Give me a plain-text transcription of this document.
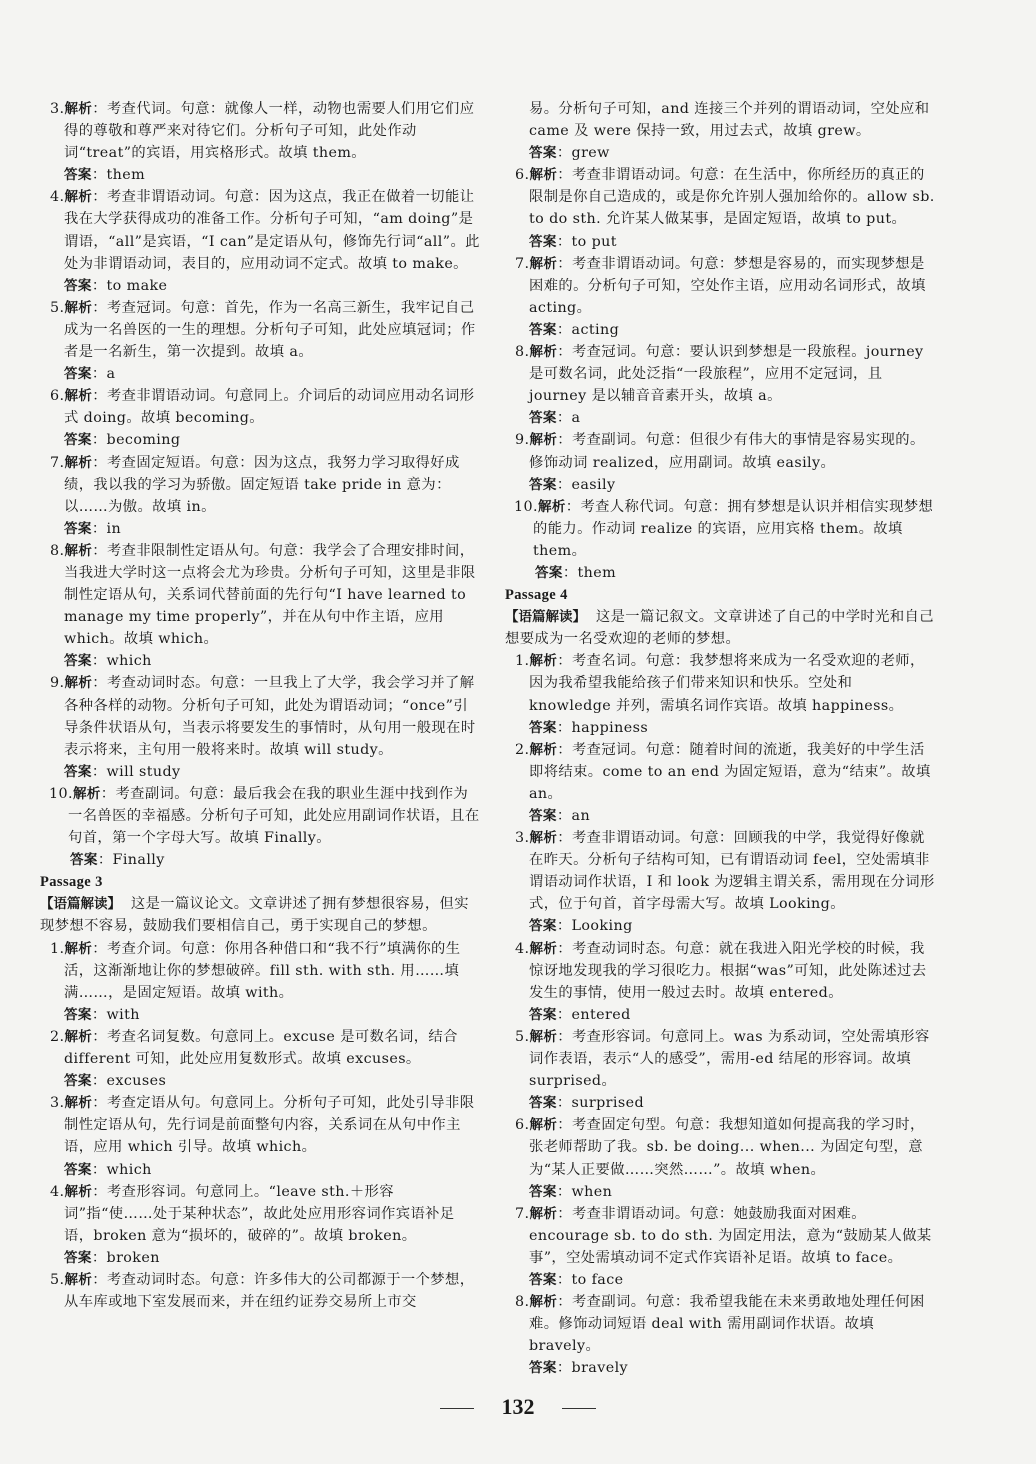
3.解析：考查代词。句意：就像人一样，动物也需要人们用它们应得的尊敬和尊严来对待它们。分析句子可知，此处作动词“treat”的宾语，用宾格形式。故填 them。

答案：them

4.解析：考查非谓语动词。句意：因为这点，我正在做着一切能让我在大学获得成功的准备工作。分析句子可知，“am doing”是谓语，“all”是宾语，“I can”是定语从句，修饰先行词“all”。此处为非谓语动词，表目的，应用动词不定式。故填 to make。

答案：to make

5.解析：考查冠词。句意：首先，作为一名高三新生，我牢记自己成为一名兽医的一生的理想。分析句子可知，此处应填冠词；作者是一名新生，第一次提到。故填 a。

答案：a

6.解析：考查非谓语动词。句意同上。介词后的动词应用动名词形式 doing。故填 becoming。

答案：becoming

7.解析：考查固定短语。句意：因为这点，我努力学习取得好成绩，我以我的学习为骄傲。固定短语 take pride in 意为：以……为傲。故填 in。

答案：in

8.解析：考查非限制性定语从句。句意：我学会了合理安排时间，当我进大学时这一点将会尤为珍贵。分析句子可知，这里是非限制性定语从句，关系词代替前面的先行句“I have learned to manage my time properly”，并在从句中作主语，应用 which。故填 which。

答案：which

9.解析：考查动词时态。句意：一旦我上了大学，我会学习并了解各种各样的动物。分析句子可知，此处为谓语动词；“once”引导条件状语从句，当表示将要发生的事情时，从句用一般现在时表示将来，主句用一般将来时。故填 will study。

答案：will study

10.解析：考查副词。句意：最后我会在我的职业生涯中找到作为一名兽医的幸福感。分析句子可知，此处应用副词作状语，且在句首，第一个字母大写。故填 Finally。

答案：Finally

Passage 3

【语篇解读】 这是一篇议论文。文章讲述了拥有梦想很容易，但实现梦想不容易，鼓励我们要相信自己，勇于实现自己的梦想。

1.解析：考查介词。句意：你用各种借口和“我不行”填满你的生活，这渐渐地让你的梦想破碎。fill sth. with sth. 用……填满……，是固定短语。故填 with。

答案：with

2.解析：考查名词复数。句意同上。excuse 是可数名词，结合 different 可知，此处应用复数形式。故填 excuses。

答案：excuses

3.解析：考查定语从句。句意同上。分析句子可知，此处引导非限制性定语从句，先行词是前面整句内容，关系词在从句中作主语，应用 which 引导。故填 which。

答案：which

4.解析：考查形容词。句意同上。“leave sth.＋形容词”指“使……处于某种状态”，故此处应用形容词作宾语补足语，broken 意为“损坏的，破碎的”。故填 broken。

答案：broken

5.解析：考查动词时态。句意：许多伟大的公司都源于一个梦想，从车库或地下室发展而来，并在纽约证券交易所上市交

易。分析句子可知，and 连接三个并列的谓语动词，空处应和 came 及 were 保持一致，用过去式，故填 grew。

答案：grew

6.解析：考查非谓语动词。句意：在生活中，你所经历的真正的限制是你自己造成的，或是你允许别人强加给你的。allow sb. to do sth. 允许某人做某事，是固定短语，故填 to put。

答案：to put

7.解析：考查非谓语动词。句意：梦想是容易的，而实现梦想是困难的。分析句子可知，空处作主语，应用动名词形式，故填 acting。

答案：acting

8.解析：考查冠词。句意：要认识到梦想是一段旅程。journey 是可数名词，此处泛指“一段旅程”，应用不定冠词，且 journey 是以辅音音素开头，故填 a。

答案：a

9.解析：考查副词。句意：但很少有伟大的事情是容易实现的。修饰动词 realized，应用副词。故填 easily。

答案：easily

10.解析：考查人称代词。句意：拥有梦想是认识并相信实现梦想的能力。作动词 realize 的宾语，应用宾格 them。故填 them。

答案：them

Passage 4

【语篇解读】 这是一篇记叙文。文章讲述了自己的中学时光和自己想要成为一名受欢迎的老师的梦想。

1.解析：考查名词。句意：我梦想将来成为一名受欢迎的老师，因为我希望我能给孩子们带来知识和快乐。空处和 knowledge 并列，需填名词作宾语。故填 happiness。

答案：happiness

2.解析：考查冠词。句意：随着时间的流逝，我美好的中学生活即将结束。come to an end 为固定短语，意为“结束”。故填 an。

答案：an

3.解析：考查非谓语动词。句意：回顾我的中学，我觉得好像就在昨天。分析句子结构可知，已有谓语动词 feel，空处需填非谓语动词作状语，I 和 look 为逻辑主谓关系，需用现在分词形式，位于句首，首字母需大写。故填 Looking。

答案：Looking

4.解析：考查动词时态。句意：就在我进入阳光学校的时候，我惊讶地发现我的学习很吃力。根据“was”可知，此处陈述过去发生的事情，使用一般过去时。故填 entered。

答案：entered

5.解析：考查形容词。句意同上。was 为系动词，空处需填形容词作表语，表示“人的感受”，需用-ed 结尾的形容词。故填 surprised。

答案：surprised

6.解析：考查固定句型。句意：我想知道如何提高我的学习时，张老师帮助了我。sb. be doing... when... 为固定句型，意为“某人正要做……突然……”。故填 when。

答案：when

7.解析：考查非谓语动词。句意：她鼓励我面对困难。encourage sb. to do sth. 为固定用法，意为“鼓励某人做某事”，空处需填动词不定式作宾语补足语。故填 to face。

答案：to face

8.解析：考查副词。句意：我希望我能在未来勇敢地处理任何困难。修饰动词短语 deal with 需用副词作状语。故填 bravely。

答案：bravely

132
